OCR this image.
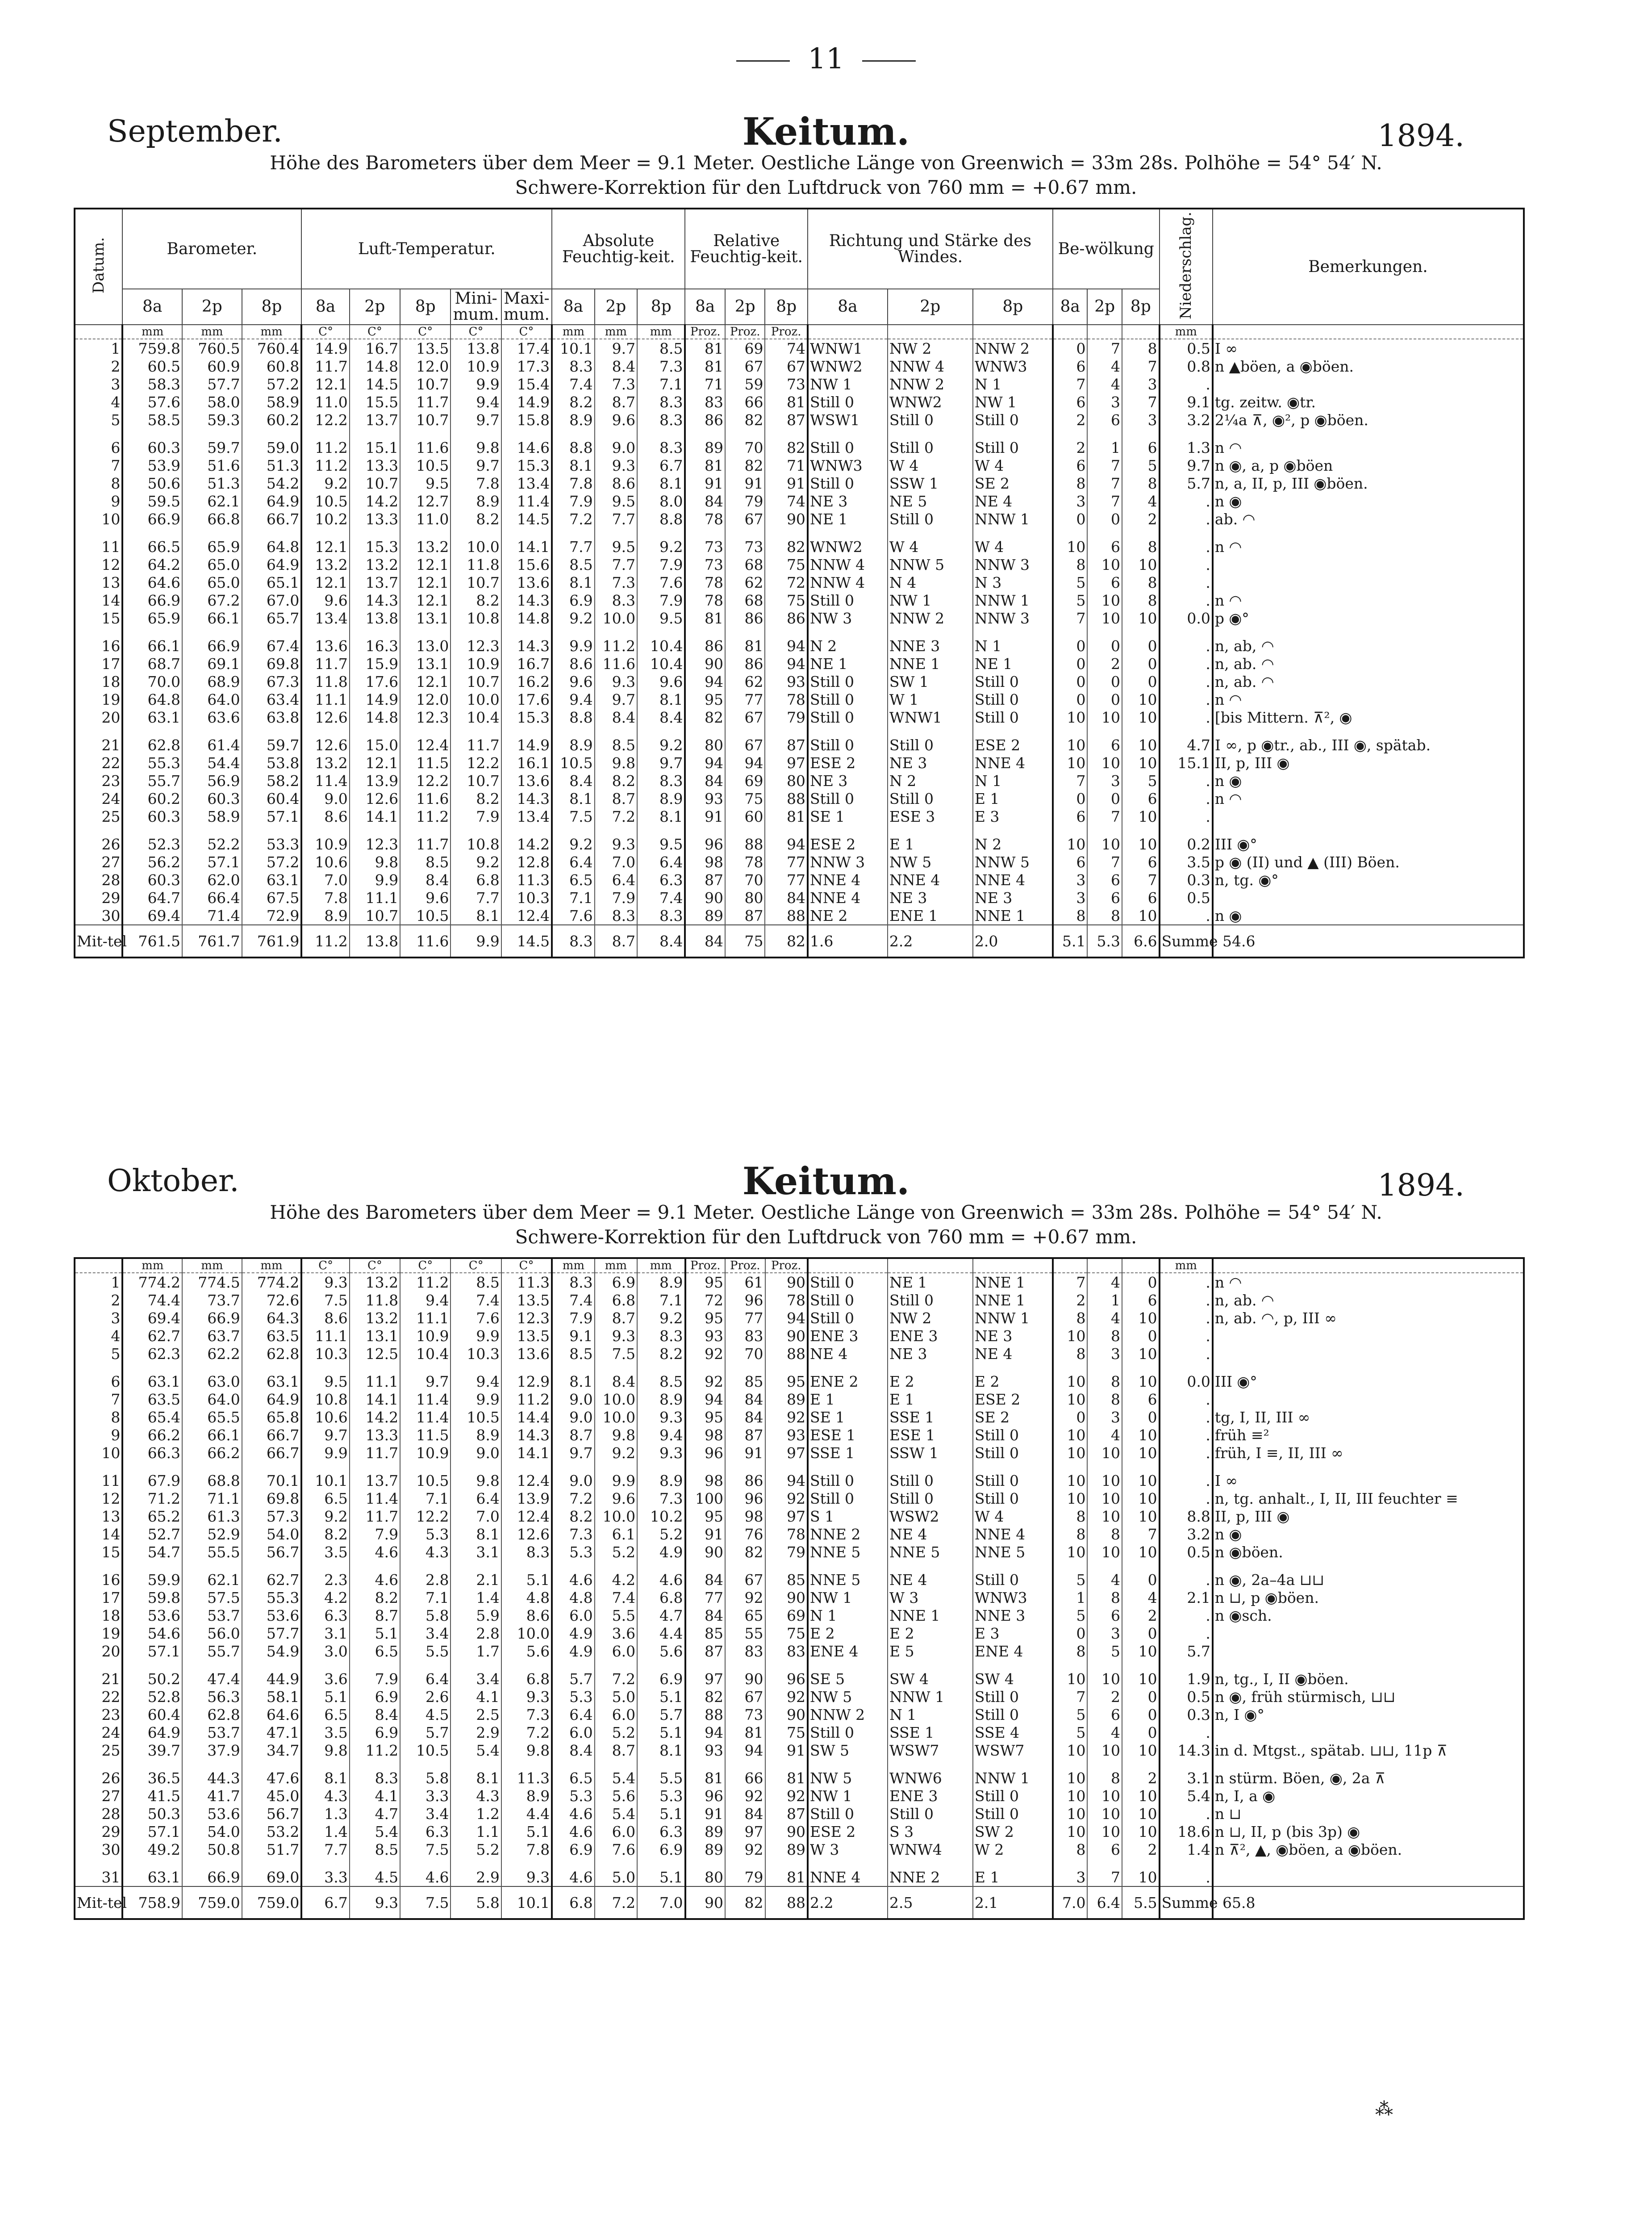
11
September.	Keitum.	1894.
Höhe des Barometers über dem Meer = 9.1 Meter. Oestliche Länge von Greenwich = 33m 28s. Polhöhe = 54° 54′ N.
Schwere-Korrektion für den Luftdruck von 760 mm = +0.67 mm.
Datum.	Barometer.			Luft-Temperatur.					Absolute Feuchtig-keit.			Relative Feuchtig-keit.			Richtung und Stärke des Windes.			Be-wölkung			Niederschlag.	Bemerkungen.
	8a	2p	8p	8a	2p	8p	Mini-mum.	Maxi-mum.	8a	2p	8p	8a	2p	8p	8a	2p	8p	8a	2p	8p		
	mm	mm	mm	C°	C°	C°	C°	C°	mm	mm	mm	Proz.	Proz.	Proz.							mm	
1	759.8	760.5	760.4	14.9	16.7	13.5	13.8	17.4	10.1	9.7	8.5	81	69	74	WNW1	NW 2	NNW 2	0	7	8	0.5	I ∞
2	60.5	60.9	60.8	11.7	14.8	12.0	10.9	17.3	8.3	8.4	7.3	81	67	67	WNW2	NNW 4	WNW3	6	4	7	0.8	n ▲böen, a ◉böen.
3	58.3	57.7	57.2	12.1	14.5	10.7	9.9	15.4	7.4	7.3	7.1	71	59	73	NW 1	NNW 2	N 1	7	4	3	.	
4	57.6	58.0	58.9	11.0	15.5	11.7	9.4	14.9	8.2	8.7	8.3	83	66	81	Still 0	WNW2	NW 1	6	3	7	9.1	tg. zeitw. ◉tr.
5	58.5	59.3	60.2	12.2	13.7	10.7	9.7	15.8	8.9	9.6	8.3	86	82	87	WSW1	Still 0	Still 0	2	6	3	3.2	2¼a ⊼, ◉², p ◉böen.
6	60.3	59.7	59.0	11.2	15.1	11.6	9.8	14.6	8.8	9.0	8.3	89	70	82	Still 0	Still 0	Still 0	2	1	6	1.3	n ◠
7	53.9	51.6	51.3	11.2	13.3	10.5	9.7	15.3	8.1	9.3	6.7	81	82	71	WNW3	W 4	W 4	6	7	5	9.7	n ◉, a, p ◉böen
8	50.6	51.3	54.2	9.2	10.7	9.5	7.8	13.4	7.8	8.6	8.1	91	91	91	Still 0	SSW 1	SE 2	8	7	8	5.7	n, a, II, p, III ◉böen.
9	59.5	62.1	64.9	10.5	14.2	12.7	8.9	11.4	7.9	9.5	8.0	84	79	74	NE 3	NE 5	NE 4	3	7	4	.	n ◉
10	66.9	66.8	66.7	10.2	13.3	11.0	8.2	14.5	7.2	7.7	8.8	78	67	90	NE 1	Still 0	NNW 1	0	0	2	.	ab. ◠
11	66.5	65.9	64.8	12.1	15.3	13.2	10.0	14.1	7.7	9.5	9.2	73	73	82	WNW2	W 4	W 4	10	6	8	.	n ◠
12	64.2	65.0	64.9	13.2	13.2	12.1	11.8	15.6	8.5	7.7	7.9	73	68	75	NNW 4	NNW 5	NNW 3	8	10	10	.	
13	64.6	65.0	65.1	12.1	13.7	12.1	10.7	13.6	8.1	7.3	7.6	78	62	72	NNW 4	N 4	N 3	5	6	8	.	
14	66.9	67.2	67.0	9.6	14.3	12.1	8.2	14.3	6.9	8.3	7.9	78	68	75	Still 0	NW 1	NNW 1	5	10	8	.	n ◠
15	65.9	66.1	65.7	13.4	13.8	13.1	10.8	14.8	9.2	10.0	9.5	81	86	86	NW 3	NNW 2	NNW 3	7	10	10	0.0	p ◉°
16	66.1	66.9	67.4	13.6	16.3	13.0	12.3	14.3	9.9	11.2	10.4	86	81	94	N 2	NNE 3	N 1	0	0	0	.	n, ab, ◠
17	68.7	69.1	69.8	11.7	15.9	13.1	10.9	16.7	8.6	11.6	10.4	90	86	94	NE 1	NNE 1	NE 1	0	2	0	.	n, ab. ◠
18	70.0	68.9	67.3	11.8	17.6	12.1	10.7	16.2	9.6	9.3	9.6	94	62	93	Still 0	SW 1	Still 0	0	0	0	.	n, ab. ◠
19	64.8	64.0	63.4	11.1	14.9	12.0	10.0	17.6	9.4	9.7	8.1	95	77	78	Still 0	W 1	Still 0	0	0	10	.	n ◠
20	63.1	63.6	63.8	12.6	14.8	12.3	10.4	15.3	8.8	8.4	8.4	82	67	79	Still 0	WNW1	Still 0	10	10	10	.	[bis Mittern. ⊼², ◉
21	62.8	61.4	59.7	12.6	15.0	12.4	11.7	14.9	8.9	8.5	9.2	80	67	87	Still 0	Still 0	ESE 2	10	6	10	4.7	I ∞, p ◉tr., ab., III ◉, spätab.
22	55.3	54.4	53.8	13.2	12.1	11.5	12.2	16.1	10.5	9.8	9.7	94	94	97	ESE 2	NE 3	NNE 4	10	10	10	15.1	II, p, III ◉
23	55.7	56.9	58.2	11.4	13.9	12.2	10.7	13.6	8.4	8.2	8.3	84	69	80	NE 3	N 2	N 1	7	3	5	.	n ◉
24	60.2	60.3	60.4	9.0	12.6	11.6	8.2	14.3	8.1	8.7	8.9	93	75	88	Still 0	Still 0	E 1	0	0	6	.	n ◠
25	60.3	58.9	57.1	8.6	14.1	11.2	7.9	13.4	7.5	7.2	8.1	91	60	81	SE 1	ESE 3	E 3	6	7	10	.	
26	52.3	52.2	53.3	10.9	12.3	11.7	10.8	14.2	9.2	9.3	9.5	96	88	94	ESE 2	E 1	N 2	10	10	10	0.2	III ◉°
27	56.2	57.1	57.2	10.6	9.8	8.5	9.2	12.8	6.4	7.0	6.4	98	78	77	NNW 3	NW 5	NNW 5	6	7	6	3.5	p ◉ (II) und ▲ (III) Böen.
28	60.3	62.0	63.1	7.0	9.9	8.4	6.8	11.3	6.5	6.4	6.3	87	70	77	NNE 4	NNE 4	NNE 4	3	6	7	0.3	n, tg. ◉°
29	64.7	66.4	67.5	7.8	11.1	9.6	7.7	10.3	7.1	7.9	7.4	90	80	84	NNE 4	NE 3	NE 3	3	6	6	0.5	
30	69.4	71.4	72.9	8.9	10.7	10.5	8.1	12.4	7.6	8.3	8.3	89	87	88	NE 2	ENE 1	NNE 1	8	8	10	.	n ◉
Mit-tel	761.5	761.7	761.9	11.2	13.8	11.6	9.9	14.5	8.3	8.7	8.4	84	75	82	1.6	2.2	2.0	5.1	5.3	6.6	Summe 54.6	
Oktober.	Keitum.	1894.
Höhe des Barometers über dem Meer = 9.1 Meter. Oestliche Länge von Greenwich = 33m 28s. Polhöhe = 54° 54′ N.
Schwere-Korrektion für den Luftdruck von 760 mm = +0.67 mm.
	mm	mm	mm	C°	C°	C°	C°	C°	mm	mm	mm	Proz.	Proz.	Proz.							mm	
1	774.2	774.5	774.2	9.3	13.2	11.2	8.5	11.3	8.3	6.9	8.9	95	61	90	Still 0	NE 1	NNE 1	7	4	0	.	n ◠
2	74.4	73.7	72.6	7.5	11.8	9.4	7.4	13.5	7.4	6.8	7.1	72	96	78	Still 0	Still 0	NNE 1	2	1	6	.	n, ab. ◠
3	69.4	66.9	64.3	8.6	13.2	11.1	7.6	12.3	7.9	8.7	9.2	95	77	94	Still 0	NW 2	NNW 1	8	4	10	.	n, ab. ◠, p, III ∞
4	62.7	63.7	63.5	11.1	13.1	10.9	9.9	13.5	9.1	9.3	8.3	93	83	90	ENE 3	ENE 3	NE 3	10	8	0	.	
5	62.3	62.2	62.8	10.3	12.5	10.4	10.3	13.6	8.5	7.5	8.2	92	70	88	NE 4	NE 3	NE 4	8	3	10	.	
6	63.1	63.0	63.1	9.5	11.1	9.7	9.4	12.9	8.1	8.4	8.5	92	85	95	ENE 2	E 2	E 2	10	8	10	0.0	III ◉°
7	63.5	64.0	64.9	10.8	14.1	11.4	9.9	11.2	9.0	10.0	8.9	94	84	89	E 1	E 1	ESE 2	10	8	6	.	
8	65.4	65.5	65.8	10.6	14.2	11.4	10.5	14.4	9.0	10.0	9.3	95	84	92	SE 1	SSE 1	SE 2	0	3	0	.	tg, I, II, III ∞
9	66.2	66.1	66.7	9.7	13.3	11.5	8.9	14.3	8.7	9.8	9.4	98	87	93	ESE 1	ESE 1	Still 0	10	4	10	.	früh ≡²
10	66.3	66.2	66.7	9.9	11.7	10.9	9.0	14.1	9.7	9.2	9.3	96	91	97	SSE 1	SSW 1	Still 0	10	10	10	.	früh, I ≡, II, III ∞
11	67.9	68.8	70.1	10.1	13.7	10.5	9.8	12.4	9.0	9.9	8.9	98	86	94	Still 0	Still 0	Still 0	10	10	10	.	I ∞
12	71.2	71.1	69.8	6.5	11.4	7.1	6.4	13.9	7.2	9.6	7.3	100	96	92	Still 0	Still 0	Still 0	10	10	10	.	n, tg. anhalt., I, II, III feuchter ≡
13	65.2	61.3	57.3	9.2	11.7	12.2	7.0	12.4	8.2	10.0	10.2	95	98	97	S 1	WSW2	W 4	8	10	10	8.8	II, p, III ◉
14	52.7	52.9	54.0	8.2	7.9	5.3	8.1	12.6	7.3	6.1	5.2	91	76	78	NNE 2	NE 4	NNE 4	8	8	7	3.2	n ◉
15	54.7	55.5	56.7	3.5	4.6	4.3	3.1	8.3	5.3	5.2	4.9	90	82	79	NNE 5	NNE 5	NNE 5	10	10	10	0.5	n ◉böen.
16	59.9	62.1	62.7	2.3	4.6	2.8	2.1	5.1	4.6	4.2	4.6	84	67	85	NNE 5	NE 4	Still 0	5	4	0	.	n ◉, 2a–4a ⊔⊔
17	59.8	57.5	55.3	4.2	8.2	7.1	1.4	4.8	4.8	7.4	6.8	77	92	90	NW 1	W 3	WNW3	1	8	4	2.1	n ⊔, p ◉böen.
18	53.6	53.7	53.6	6.3	8.7	5.8	5.9	8.6	6.0	5.5	4.7	84	65	69	N 1	NNE 1	NNE 3	5	6	2	.	n ◉sch.
19	54.6	56.0	57.7	3.1	5.1	3.4	2.8	10.0	4.9	3.6	4.4	85	55	75	E 2	E 2	E 3	0	3	0	.	
20	57.1	55.7	54.9	3.0	6.5	5.5	1.7	5.6	4.9	6.0	5.6	87	83	83	ENE 4	E 5	ENE 4	8	5	10	5.7	
21	50.2	47.4	44.9	3.6	7.9	6.4	3.4	6.8	5.7	7.2	6.9	97	90	96	SE 5	SW 4	SW 4	10	10	10	1.9	n, tg., I, II ◉böen.
22	52.8	56.3	58.1	5.1	6.9	2.6	4.1	9.3	5.3	5.0	5.1	82	67	92	NW 5	NNW 1	Still 0	7	2	0	0.5	n ◉, früh stürmisch, ⊔⊔
23	60.4	62.8	64.6	6.5	8.4	4.5	2.5	7.3	6.4	6.0	5.7	88	73	90	NNW 2	N 1	Still 0	5	6	0	0.3	n, I ◉°
24	64.9	53.7	47.1	3.5	6.9	5.7	2.9	7.2	6.0	5.2	5.1	94	81	75	Still 0	SSE 1	SSE 4	5	4	0	.	
25	39.7	37.9	34.7	9.8	11.2	10.5	5.4	9.8	8.4	8.7	8.1	93	94	91	SW 5	WSW7	WSW7	10	10	10	14.3	in d. Mtgst., spätab. ⊔⊔, 11p ⊼
26	36.5	44.3	47.6	8.1	8.3	5.8	8.1	11.3	6.5	5.4	5.5	81	66	81	NW 5	WNW6	NNW 1	10	8	2	3.1	n stürm. Böen, ◉, 2a ⊼
27	41.5	41.7	45.0	4.3	4.1	3.3	4.3	8.9	5.3	5.6	5.3	96	92	92	NW 1	ENE 3	Still 0	10	10	10	5.4	n, I, a ◉
28	50.3	53.6	56.7	1.3	4.7	3.4	1.2	4.4	4.6	5.4	5.1	91	84	87	Still 0	Still 0	Still 0	10	10	10	.	n ⊔
29	57.1	54.0	53.2	1.4	5.4	6.3	1.1	5.1	4.6	6.0	6.3	89	97	90	ESE 2	S 3	SW 2	10	10	10	18.6	n ⊔, II, p (bis 3p) ◉
30	49.2	50.8	51.7	7.7	8.5	7.5	5.2	7.8	6.9	7.6	6.9	89	92	89	W 3	WNW4	W 2	8	6	2	1.4	n ⊼², ▲, ◉böen, a ◉böen.
31	63.1	66.9	69.0	3.3	4.5	4.6	2.9	9.3	4.6	5.0	5.1	80	79	81	NNE 4	NNE 2	E 1	3	7	10	.	
Mit-tel	758.9	759.0	759.0	6.7	9.3	7.5	5.8	10.1	6.8	7.2	7.0	90	82	88	2.2	2.5	2.1	7.0	6.4	5.5	Summe 65.8	
⁂
